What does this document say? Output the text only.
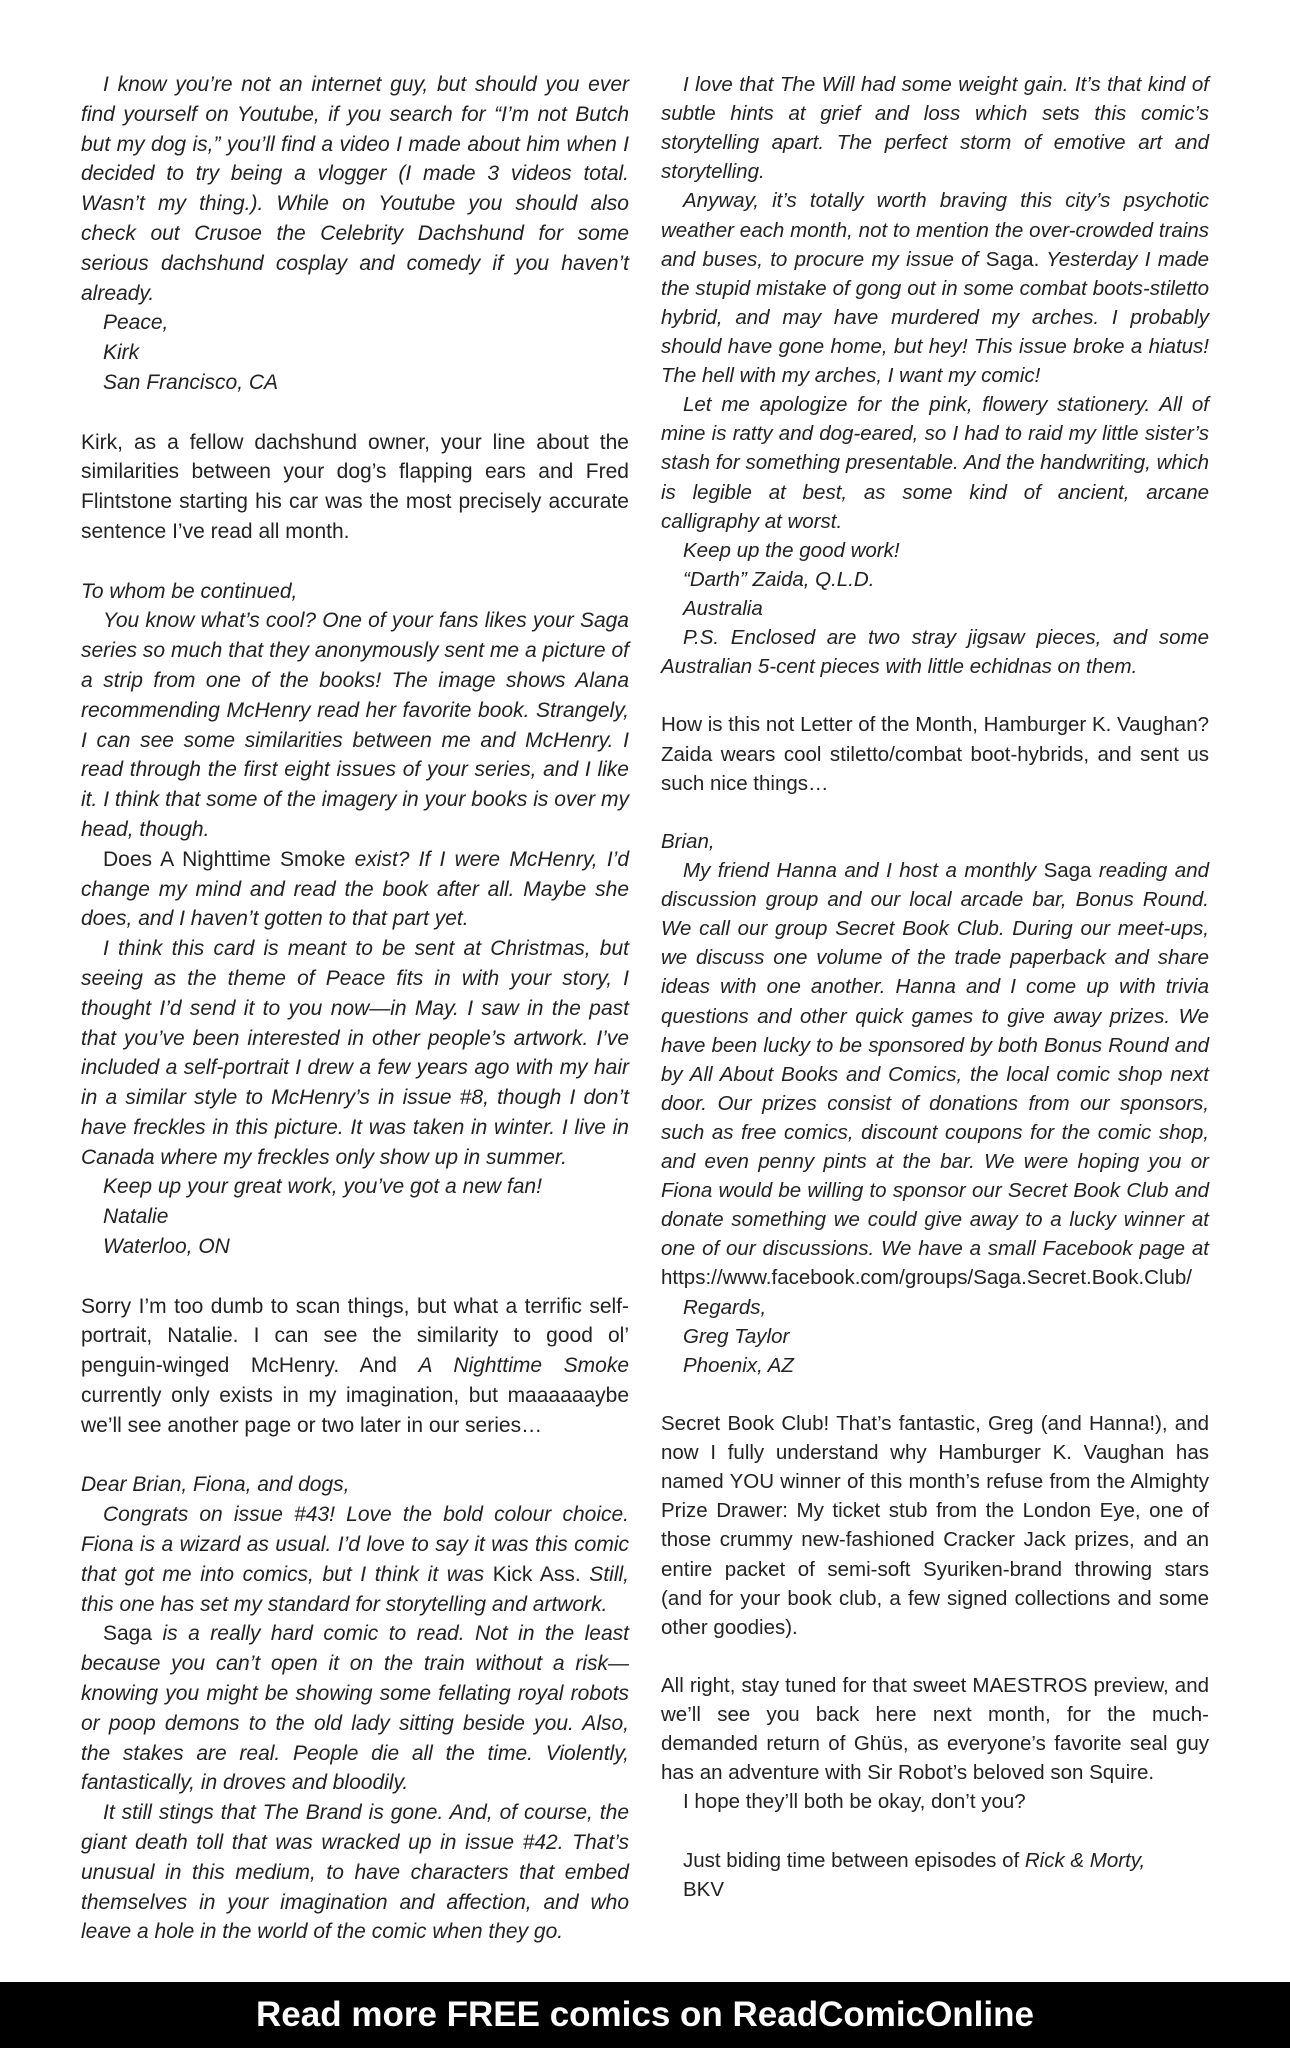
I know you’re not an internet guy, but should you ever find yourself on Youtube, if you search for “I’m not Butch but my dog is,” you’ll find a video I made about him when I decided to try being a vlogger (I made 3 videos total. Wasn’t my thing.). While on Youtube you should also check out Crusoe the Celebrity Dachshund for some serious dachshund cosplay and comedy if you haven’t already.

Peace,

Kirk

San Francisco, CA

Kirk, as a fellow dachshund owner, your line about the similarities between your dog’s flapping ears and Fred Flintstone starting his car was the most precisely accurate sentence I’ve read all month.

To whom be continued,

You know what’s cool? One of your fans likes your Saga series so much that they anonymously sent me a picture of a strip from one of the books! The image shows Alana recommending McHenry read her favorite book. Strangely, I can see some similarities between me and McHenry. I read through the first eight issues of your series, and I like it. I think that some of the imagery in your books is over my head, though.

Does A Nighttime Smoke exist? If I were McHenry, I’d change my mind and read the book after all. Maybe she does, and I haven’t gotten to that part yet.

I think this card is meant to be sent at Christmas, but seeing as the theme of Peace fits in with your story, I thought I’d send it to you now—in May. I saw in the past that you’ve been interested in other people’s artwork. I’ve included a self-portrait I drew a few years ago with my hair in a similar style to McHenry’s in issue #8, though I don’t have freckles in this picture. It was taken in winter. I live in Canada where my freckles only show up in summer.

Keep up your great work, you’ve got a new fan!

Natalie

Waterloo, ON

Sorry I’m too dumb to scan things, but what a terrific self-portrait, Natalie. I can see the similarity to good ol’ penguin-winged McHenry. And A Nighttime Smoke currently only exists in my imagination, but maaaaaaybe we’ll see another page or two later in our series…

Dear Brian, Fiona, and dogs,

Congrats on issue #43! Love the bold colour choice. Fiona is a wizard as usual. I’d love to say it was this comic that got me into comics, but I think it was Kick Ass. Still, this one has set my standard for storytelling and artwork.

Saga is a really hard comic to read. Not in the least because you can’t open it on the train without a risk—knowing you might be showing some fellating royal robots or poop demons to the old lady sitting beside you. Also, the stakes are real. People die all the time. Violently, fantastically, in droves and bloodily.

It still stings that The Brand is gone. And, of course, the giant death toll that was wracked up in issue #42. That’s unusual in this medium, to have characters that embed themselves in your imagination and affection, and who leave a hole in the world of the comic when they go.

I love that The Will had some weight gain. It’s that kind of subtle hints at grief and loss which sets this comic’s storytelling apart. The perfect storm of emotive art and storytelling.

Anyway, it’s totally worth braving this city’s psychotic weather each month, not to mention the over-crowded trains and buses, to procure my issue of Saga. Yesterday I made the stupid mistake of gong out in some combat boots-stiletto hybrid, and may have murdered my arches. I probably should have gone home, but hey! This issue broke a hiatus! The hell with my arches, I want my comic!

Let me apologize for the pink, flowery stationery. All of mine is ratty and dog-eared, so I had to raid my little sister’s stash for something presentable. And the handwriting, which is legible at best, as some kind of ancient, arcane calligraphy at worst.

Keep up the good work!

“Darth” Zaida, Q.L.D.

Australia

P.S. Enclosed are two stray jigsaw pieces, and some Australian 5-cent pieces with little echidnas on them.

How is this not Letter of the Month, Hamburger K. Vaughan? Zaida wears cool stiletto/combat boot-hybrids, and sent us such nice things…

Brian,

My friend Hanna and I host a monthly Saga reading and discussion group and our local arcade bar, Bonus Round. We call our group Secret Book Club. During our meet-ups, we discuss one volume of the trade paperback and share ideas with one another. Hanna and I come up with trivia questions and other quick games to give away prizes. We have been lucky to be sponsored by both Bonus Round and by All About Books and Comics, the local comic shop next door. Our prizes consist of donations from our sponsors, such as free comics, discount coupons for the comic shop, and even penny pints at the bar. We were hoping you or Fiona would be willing to sponsor our Secret Book Club and donate something we could give away to a lucky winner at one of our discussions. We have a small Facebook page at https://www.facebook.com/groups/Saga.Secret.Book.Club/

Regards,

Greg Taylor

Phoenix, AZ

Secret Book Club! That’s fantastic, Greg (and Hanna!), and now I fully understand why Hamburger K. Vaughan has named YOU winner of this month’s refuse from the Almighty Prize Drawer: My ticket stub from the London Eye, one of those crummy new-fashioned Cracker Jack prizes, and an entire packet of semi-soft Syuriken-brand throwing stars (and for your book club, a few signed collections and some other goodies).

All right, stay tuned for that sweet MAESTROS preview, and we’ll see you back here next month, for the much-demanded return of Ghüs, as everyone’s favorite seal guy has an adventure with Sir Robot’s beloved son Squire.

I hope they’ll both be okay, don’t you?

Just biding time between episodes of Rick & Morty,

BKV

Read more FREE comics on ReadComicOnline
